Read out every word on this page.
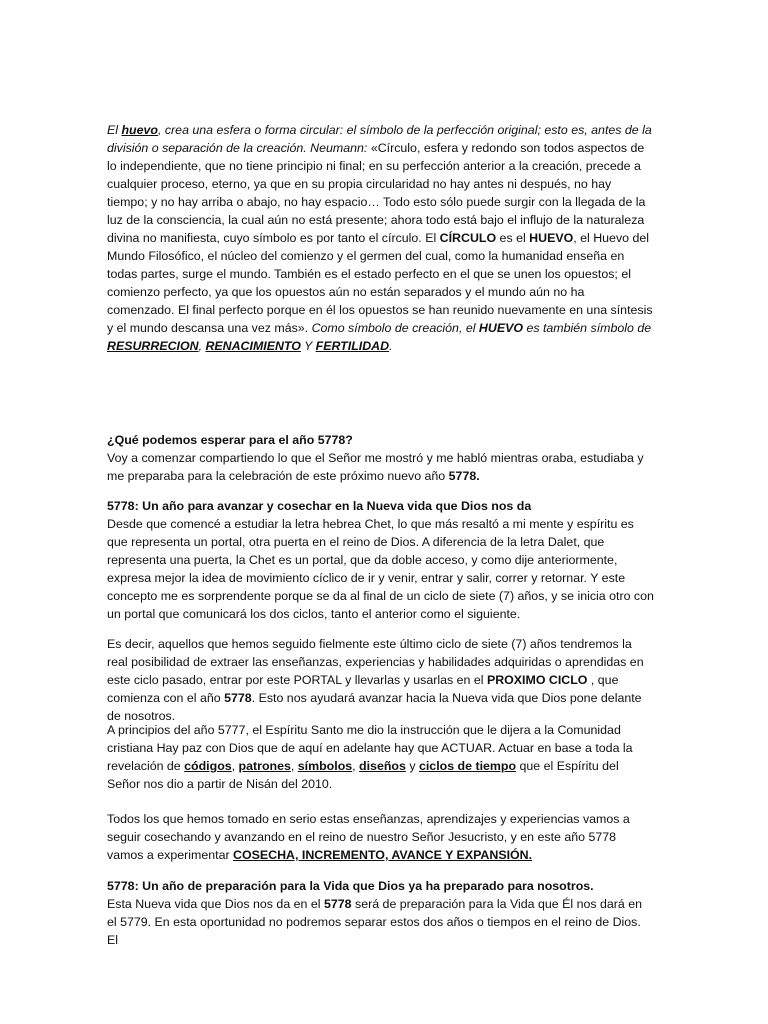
El huevo, crea una esfera o forma circular: el símbolo de la perfección original; esto es, antes de la división o separación de la creación. Neumann: «Círculo, esfera y redondo son todos aspectos de lo independiente, que no tiene principio ni final; en su perfección anterior a la creación, precede a cualquier proceso, eterno, ya que en su propia circularidad no hay antes ni después, no hay tiempo; y no hay arriba o abajo, no hay espacio… Todo esto sólo puede surgir con la llegada de la luz de la consciencia, la cual aún no está presente; ahora todo está bajo el influjo de la naturaleza divina no manifiesta, cuyo símbolo es por tanto el círculo. El CÍRCULO es el HUEVO, el Huevo del Mundo Filosófico, el núcleo del comienzo y el germen del cual, como la humanidad enseña en todas partes, surge el mundo. También es el estado perfecto en el que se unen los opuestos; el comienzo perfecto, ya que los opuestos aún no están separados y el mundo aún no ha comenzado. El final perfecto porque en él los opuestos se han reunido nuevamente en una síntesis y el mundo descansa una vez más». Como símbolo de creación, el HUEVO es también símbolo de RESURRECION, RENACIMIENTO Y FERTILIDAD.

¿Qué podemos esperar para el año 5778?
Voy a comenzar compartiendo lo que el Señor me mostró y me habló mientras oraba, estudiaba y me preparaba para la celebración de este próximo nuevo año 5778.

5778: Un año para avanzar y cosechar en la Nueva vida que Dios nos da
Desde que comencé a estudiar la letra hebrea Chet, lo que más resaltó a mi mente y espíritu es que representa un portal, otra puerta en el reino de Dios. A diferencia de la letra Dalet, que representa una puerta, la Chet es un portal, que da doble acceso, y como dije anteriormente, expresa mejor la idea de movimiento cíclico de ir y venir, entrar y salir, correr y retornar. Y este concepto me es sorprendente porque se da al final de un ciclo de siete (7) años, y se inicia otro con un portal que comunicará los dos ciclos, tanto el anterior como el siguiente.

Es decir, aquellos que hemos seguido fielmente este último ciclo de siete (7) años tendremos la real posibilidad de extraer las enseñanzas, experiencias y habilidades adquiridas o aprendidas en este ciclo pasado, entrar por este PORTAL y llevarlas y usarlas en el PROXIMO CICLO , que comienza con el año 5778. Esto nos ayudará avanzar hacia la Nueva vida que Dios pone delante de nosotros.

A principios del año 5777, el Espíritu Santo me dio la instrucción que le dijera a la Comunidad cristiana Hay paz con Dios que de aquí en adelante hay que ACTUAR. Actuar en base a toda la revelación de códigos, patrones, símbolos, diseños y ciclos de tiempo que el Espíritu del Señor nos dio a partir de Nisán del 2010.

Todos los que hemos tomado en serio estas enseñanzas, aprendizajes y experiencias vamos a seguir cosechando y avanzando en el reino de nuestro Señor Jesucristo, y en este año 5778 vamos a experimentar COSECHA, INCREMENTO, AVANCE Y EXPANSIÓN.

5778: Un año de preparación para la Vida que Dios ya ha preparado para nosotros.
Esta Nueva vida que Dios nos da en el 5778 será de preparación para la Vida que Él nos dará en el 5779. En esta oportunidad no podremos separar estos dos años o tiempos en el reino de Dios. El
